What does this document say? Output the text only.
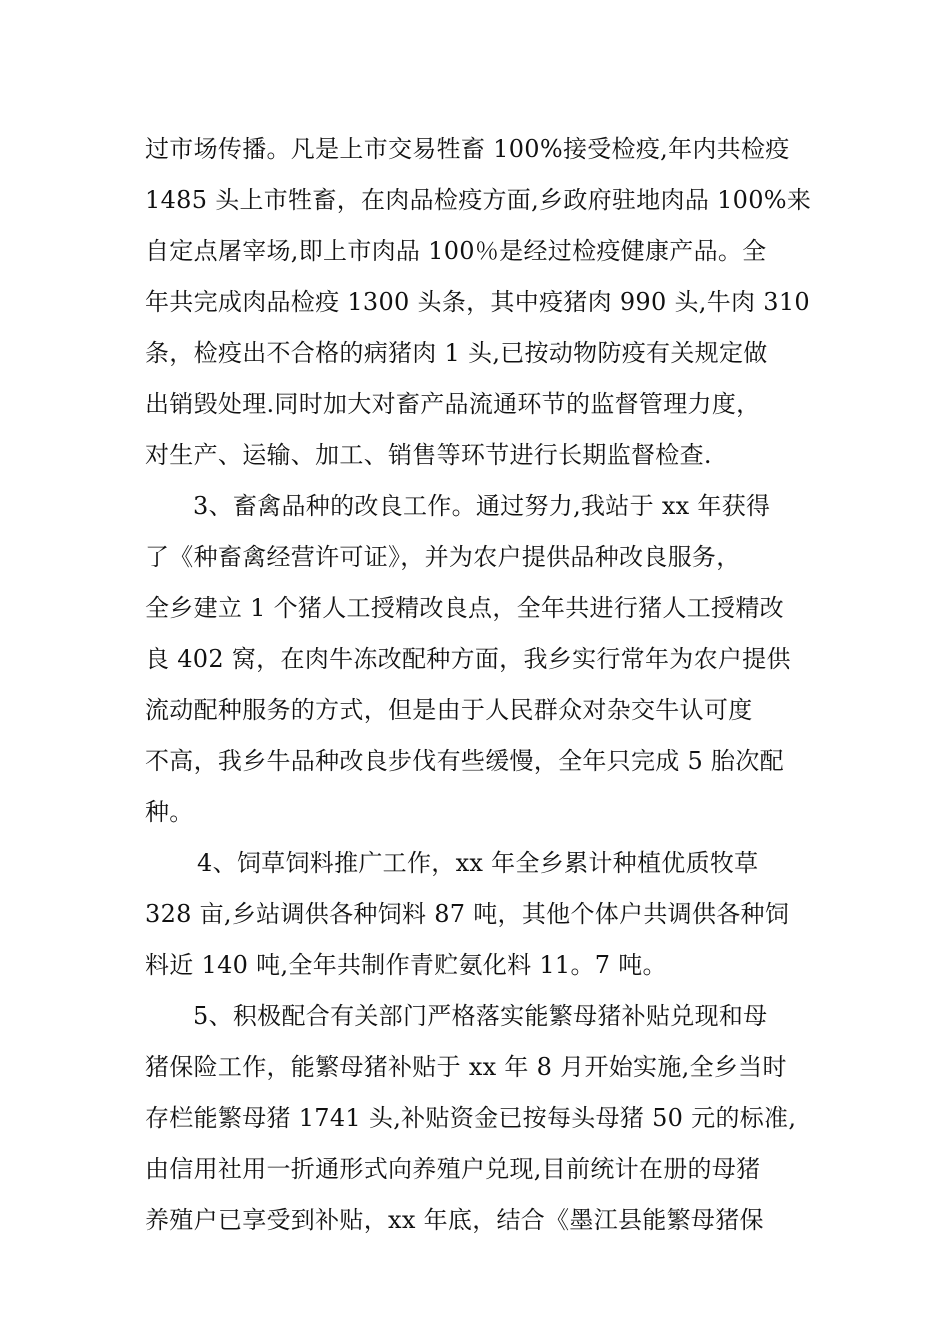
过市场传播。凡是上市交易牲畜 100%接受检疫,年内共检疫
1485 头上市牲畜，在肉品检疫方面,乡政府驻地肉品 100%来
自定点屠宰场,即上市肉品 100％是经过检疫健康产品。全
年共完成肉品检疫 1300 头条，其中疫猪肉 990 头,牛肉 310
条，检疫出不合格的病猪肉 1 头,已按动物防疫有关规定做
出销毁处理.同时加大对畜产品流通环节的监督管理力度，
对生产、运输、加工、销售等环节进行长期监督检查.
3、畜禽品种的改良工作。通过努力,我站于 xx 年获得
了《种畜禽经营许可证》，并为农户提供品种改良服务，
全乡建立 1 个猪人工授精改良点，全年共进行猪人工授精改
良 402 窝，在肉牛冻改配种方面，我乡实行常年为农户提供
流动配种服务的方式，但是由于人民群众对杂交牛认可度
不高，我乡牛品种改良步伐有些缓慢，全年只完成 5 胎次配
种。
4、饲草饲料推广工作，xx 年全乡累计种植优质牧草
328 亩,乡站调供各种饲料 87 吨，其他个体户共调供各种饲
料近 140 吨,全年共制作青贮氨化料 11。7 吨。
5、积极配合有关部门严格落实能繁母猪补贴兑现和母
猪保险工作，能繁母猪补贴于 xx 年 8 月开始实施,全乡当时
存栏能繁母猪 1741 头,补贴资金已按每头母猪 50 元的标准,
由信用社用一折通形式向养殖户兑现,目前统计在册的母猪
养殖户已享受到补贴，xx 年底，结合《墨江县能繁母猪保
